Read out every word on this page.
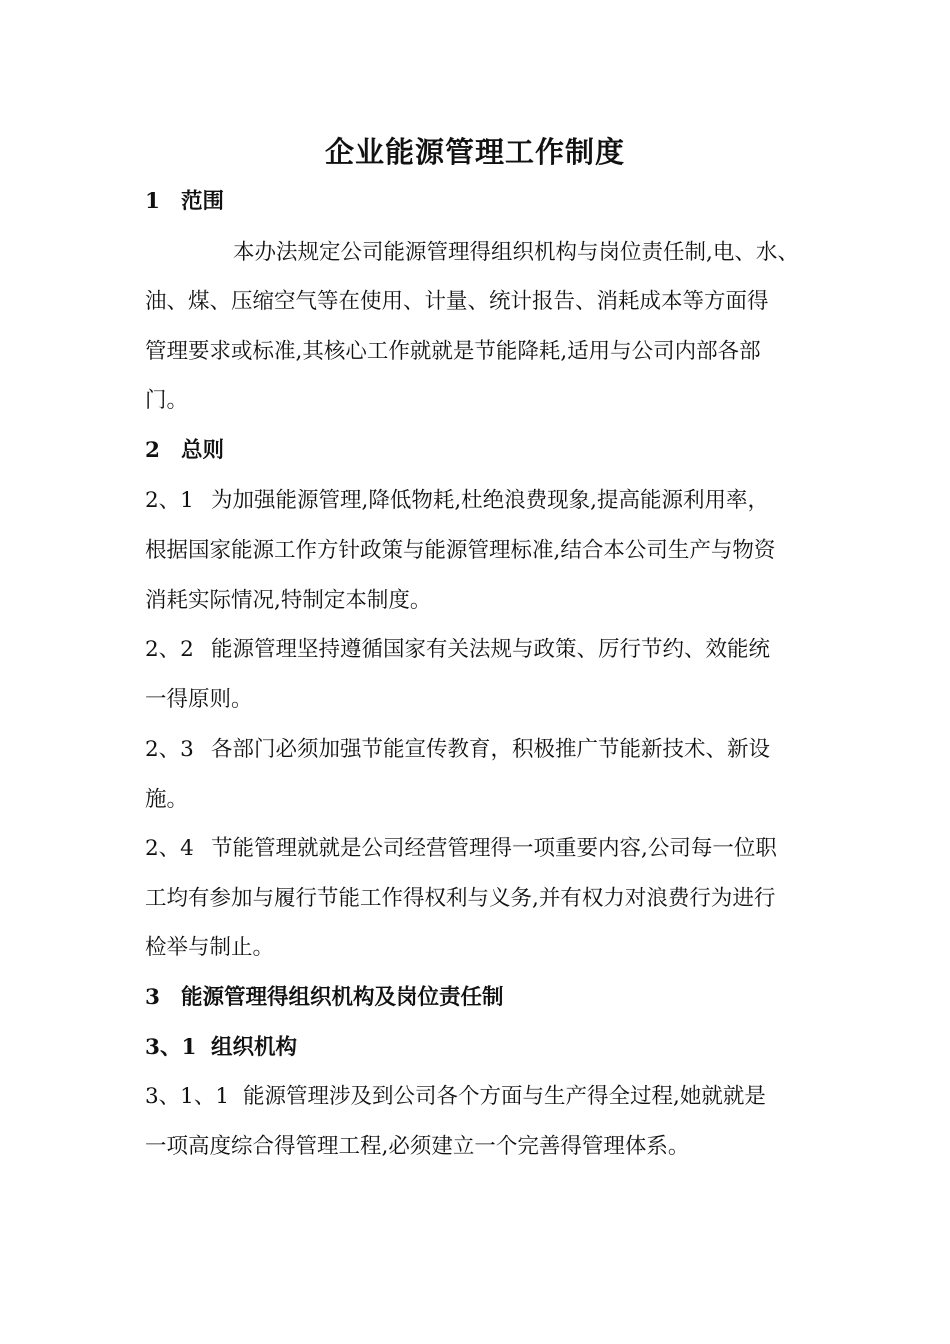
企业能源管理工作制度
1 范围
本办法规定公司能源管理得组织机构与岗位责任制,电、水、
油、煤、压缩空气等在使用、计量、统计报告、消耗成本等方面得
管理要求或标准,其核心工作就就是节能降耗,适用与公司内部各部
门。
2 总则
2、1 为加强能源管理,降低物耗,杜绝浪费现象,提高能源利用率，
根据国家能源工作方针政策与能源管理标准,结合本公司生产与物资
消耗实际情况,特制定本制度。
2、2 能源管理坚持遵循国家有关法规与政策、厉行节约、效能统
一得原则。
2、3 各部门必须加强节能宣传教育，积极推广节能新技术、新设
施。
2、4 节能管理就就是公司经营管理得一项重要内容,公司每一位职
工均有参加与履行节能工作得权利与义务,并有权力对浪费行为进行
检举与制止。
3 能源管理得组织机构及岗位责任制
3、1 组织机构
3、1、1 能源管理涉及到公司各个方面与生产得全过程,她就就是
一项高度综合得管理工程,必须建立一个完善得管理体系。
